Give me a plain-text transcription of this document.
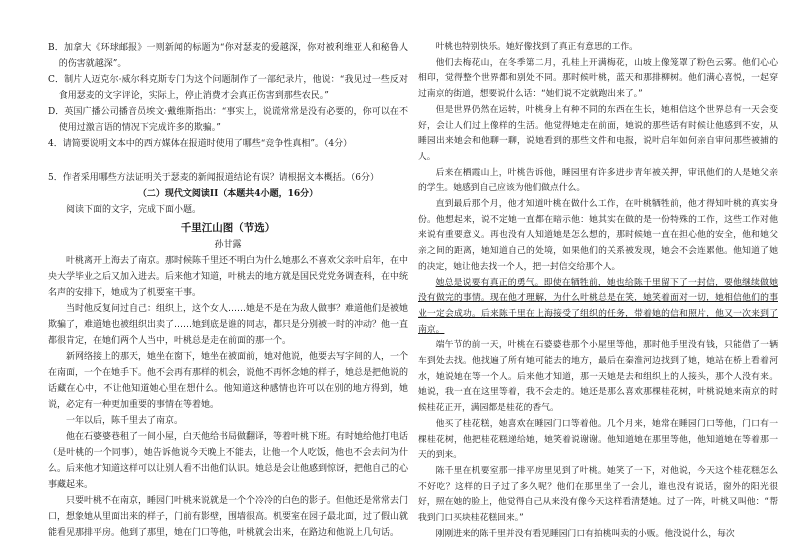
B．加拿大《环球邮报》一则新闻的标题为“你对瑟麦的爱越深，你对被利维亚人和秘鲁人的伤害就越深”。

C．制片人迈克尔·威尔科克斯专门为这个问题制作了一部纪录片，他说：“我见过一些反对食用瑟麦的文字评论，实际上，停止消费才会真正伤害到那些农民。”

D．英国广播公司播音员埃文·戴维斯指出：“事实上，说谎常常是没有必要的，你可以在不使用过激言语的情况下完成许多的欺骗。”

4．请简要说明文本中的西方媒体在报道时使用了哪些“竞争性真相”。（4分）

5．作者采用哪些方法证明关于瑟麦的新闻报道结论有误？请根据文本概括。（6分）

（二）现代文阅读II（本题共4小题，16分）

阅读下面的文字，完成下面小题。

千里江山图（节选）

孙甘露

叶桃离开上海去了南京。那时候陈千里还不明白为什么她那么不喜欢父亲叶启年，在中央大学毕业之后又加入进去。后来他才知道，叶桃去的地方就是国民党党务调查科，在中统名声的安排下，她成为了机要室干事。

当时他反复问过自己：组织上，这个女人……她是不是在为敌人做事？难道他们是被她欺骗了，难道她也被组织出卖了……她到底是谁的同志，都只是分别被一时的冲动？他一直都很肯定，在她们两个人当中，叶桃总是走在前面的那一个。

新网络接上的那天，她坐在窗下，她坐在被面前，她对他说，他要去写字间的人，一个在南面，一个在她手下。他不会再有那样的机会，说他不再怀念她的样子，她总是把他说的话藏在心中，不让他知道她心里在想什么。他知道这种感情也许可以在别的地方得到，她说，必定有一种更加重要的事情在等着她。

一年以后，陈千里去了南京。

他在石婆婆巷租了一间小屋，白天他给书局做翻译，等着叶桃下班。有时她给他打电话（是叶桃的一个同事），她告诉他说今天晚上不能去，让他一个人吃饭，他也不会去问为什么。后来他才知道这样可以让别人看不出他们认识。她总是会让他感到惊讶，把他自己的心事藏起来。

只要叶桃不在南京，睡园门叶桃来说就是一个个冷冷的白色的影子。但他还是常常去门口，想象她从里面出来的样子，门前有影壁，围墙很高。机要室在园子最北面，过了假山就能看见那排平房。他到了那里，她在门口等他，叶桃就会出来，在路边和他说上几句话。

叶桃也特别快乐。她好像找到了真正有意思的工作。

他们去梅花山，在冬季第二月，孔桂上开满梅花，山坡上像笼罩了粉色云雾。他们心心相印，觉得整个世界都和别处不同。那时候叶桃，蓝天和那排柳树。他们满心喜悦，一起穿过南京的街道，想要说什么话：“她们说不定就跑出来了。”

但是世界仍然在运转，叶桃身上有种不同的东西在生长，她相信这个世界总有一天会变好，会让人们过上像样的生活。他觉得她走在前面，她说的那些话有时候让他感到不安，从睡园出来她会和他聊一聊，说她看到的那些文件和电报，说叶启年如何亲自审问那些被捕的人。

后来在栖霞山上，叶桃告诉他，睡园里有许多进步青年被关押，审讯他们的人是她父亲的学生。她感到自己应该为他们做点什么。

直到最后那个月，他才知道叶桃在做什么工作，在叶桃牺牲前，他才得知叶桃的真实身份。他想起来，说不定她一直都在暗示他：她其实在做的是一份特殊的工作，这些工作对他来说有重要意义。再也没有人知道她是怎么想的，那时候她一直在担心他的安全，他和她父亲之间的距离，她知道自己的处境，如果他们的关系被发现，她会不会连累他。他知道了她的决定，她让他去找一个人，把一封信交给那个人。

她总是说要有真正的勇气。即使在牺牲前，她也给陈千里留下了一封信，要他继续做她没有做完的事情。现在他才理解，为什么叶桃总是在笑，她笑着面对一切，她相信他们的事业一定会成功。后来陈千里在上海接受了组织的任务，带着她的信和照片，他又一次来到了南京。

端午节的前一天，叶桃在石婆婆巷那个小屋里等他，那时他手里没有钱，只能借了一辆车到处去找。他找遍了所有她可能去的地方，最后在秦淮河边找到了她，她站在桥上看着河水，她说她在等一个人。后来他才知道，那一天她是去和组织上的人接头，那个人没有来。她说，我一直在这里等着，我不会走的。她还是那么喜欢那棵桂花树，叶桃说她来南京的时候桂花正开，满园都是桂花的香气。

他买了桂花糕，她喜欢在睡园门口等着他。几个月来，她常在睡园门口等他，门口有一棵桂花树，他把桂花糕递给她，她笑着说谢谢。他知道她在那里等他，他知道她在等着那一天的到来。

陈千里在机要室那一排平房里见到了叶桃。她笑了一下，对他说，今天这个桂花糕怎么不好吃？这样的日子过了多久呢？他们在那里坐了一会儿，谁也没有说话，窗外的阳光很好，照在她的脸上，他觉得自己从来没有像今天这样看清楚她。过了一阵，叶桃又叫他：“帮我到门口买块桂花糕回来。”

刚刚进来的陈千里并没有看见睡园门口有拍桃叫卖的小贩。他没说什么，每次
